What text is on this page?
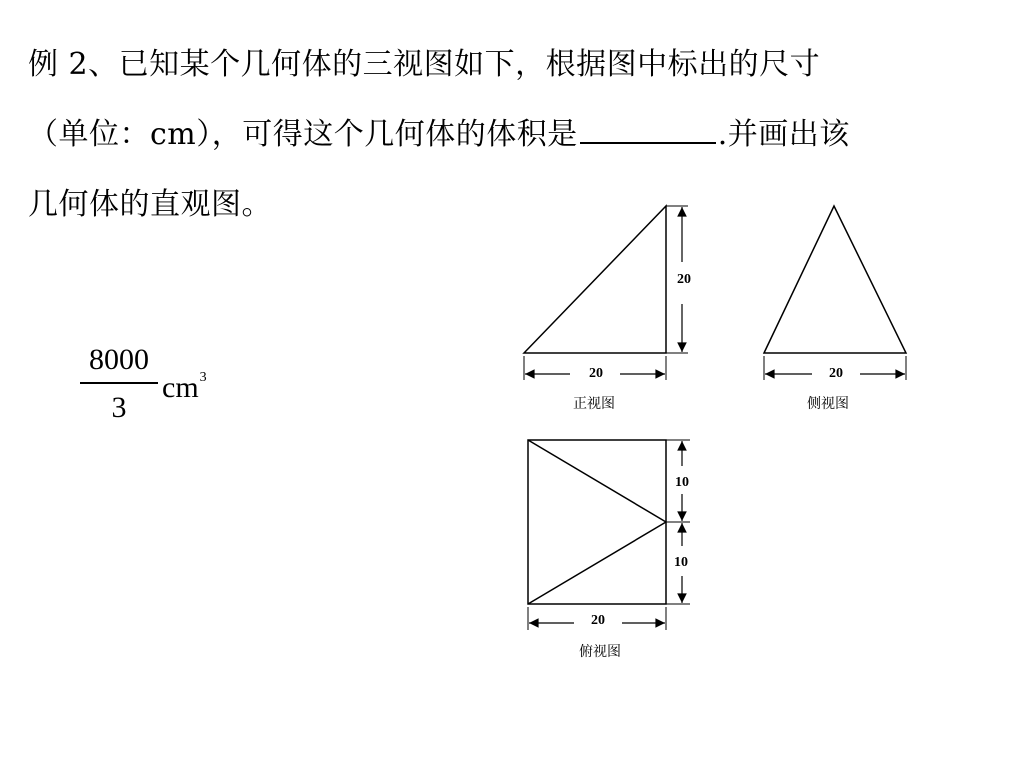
例 2、已知某个几何体的三视图如下，根据图中标出的尺寸
（单位：cm），可得这个几何体的体积是	.并画出该
几何体的直观图。
8000
3
$cm^3$
20
20
正视图
20
侧视图
10
10
20
俯视图
